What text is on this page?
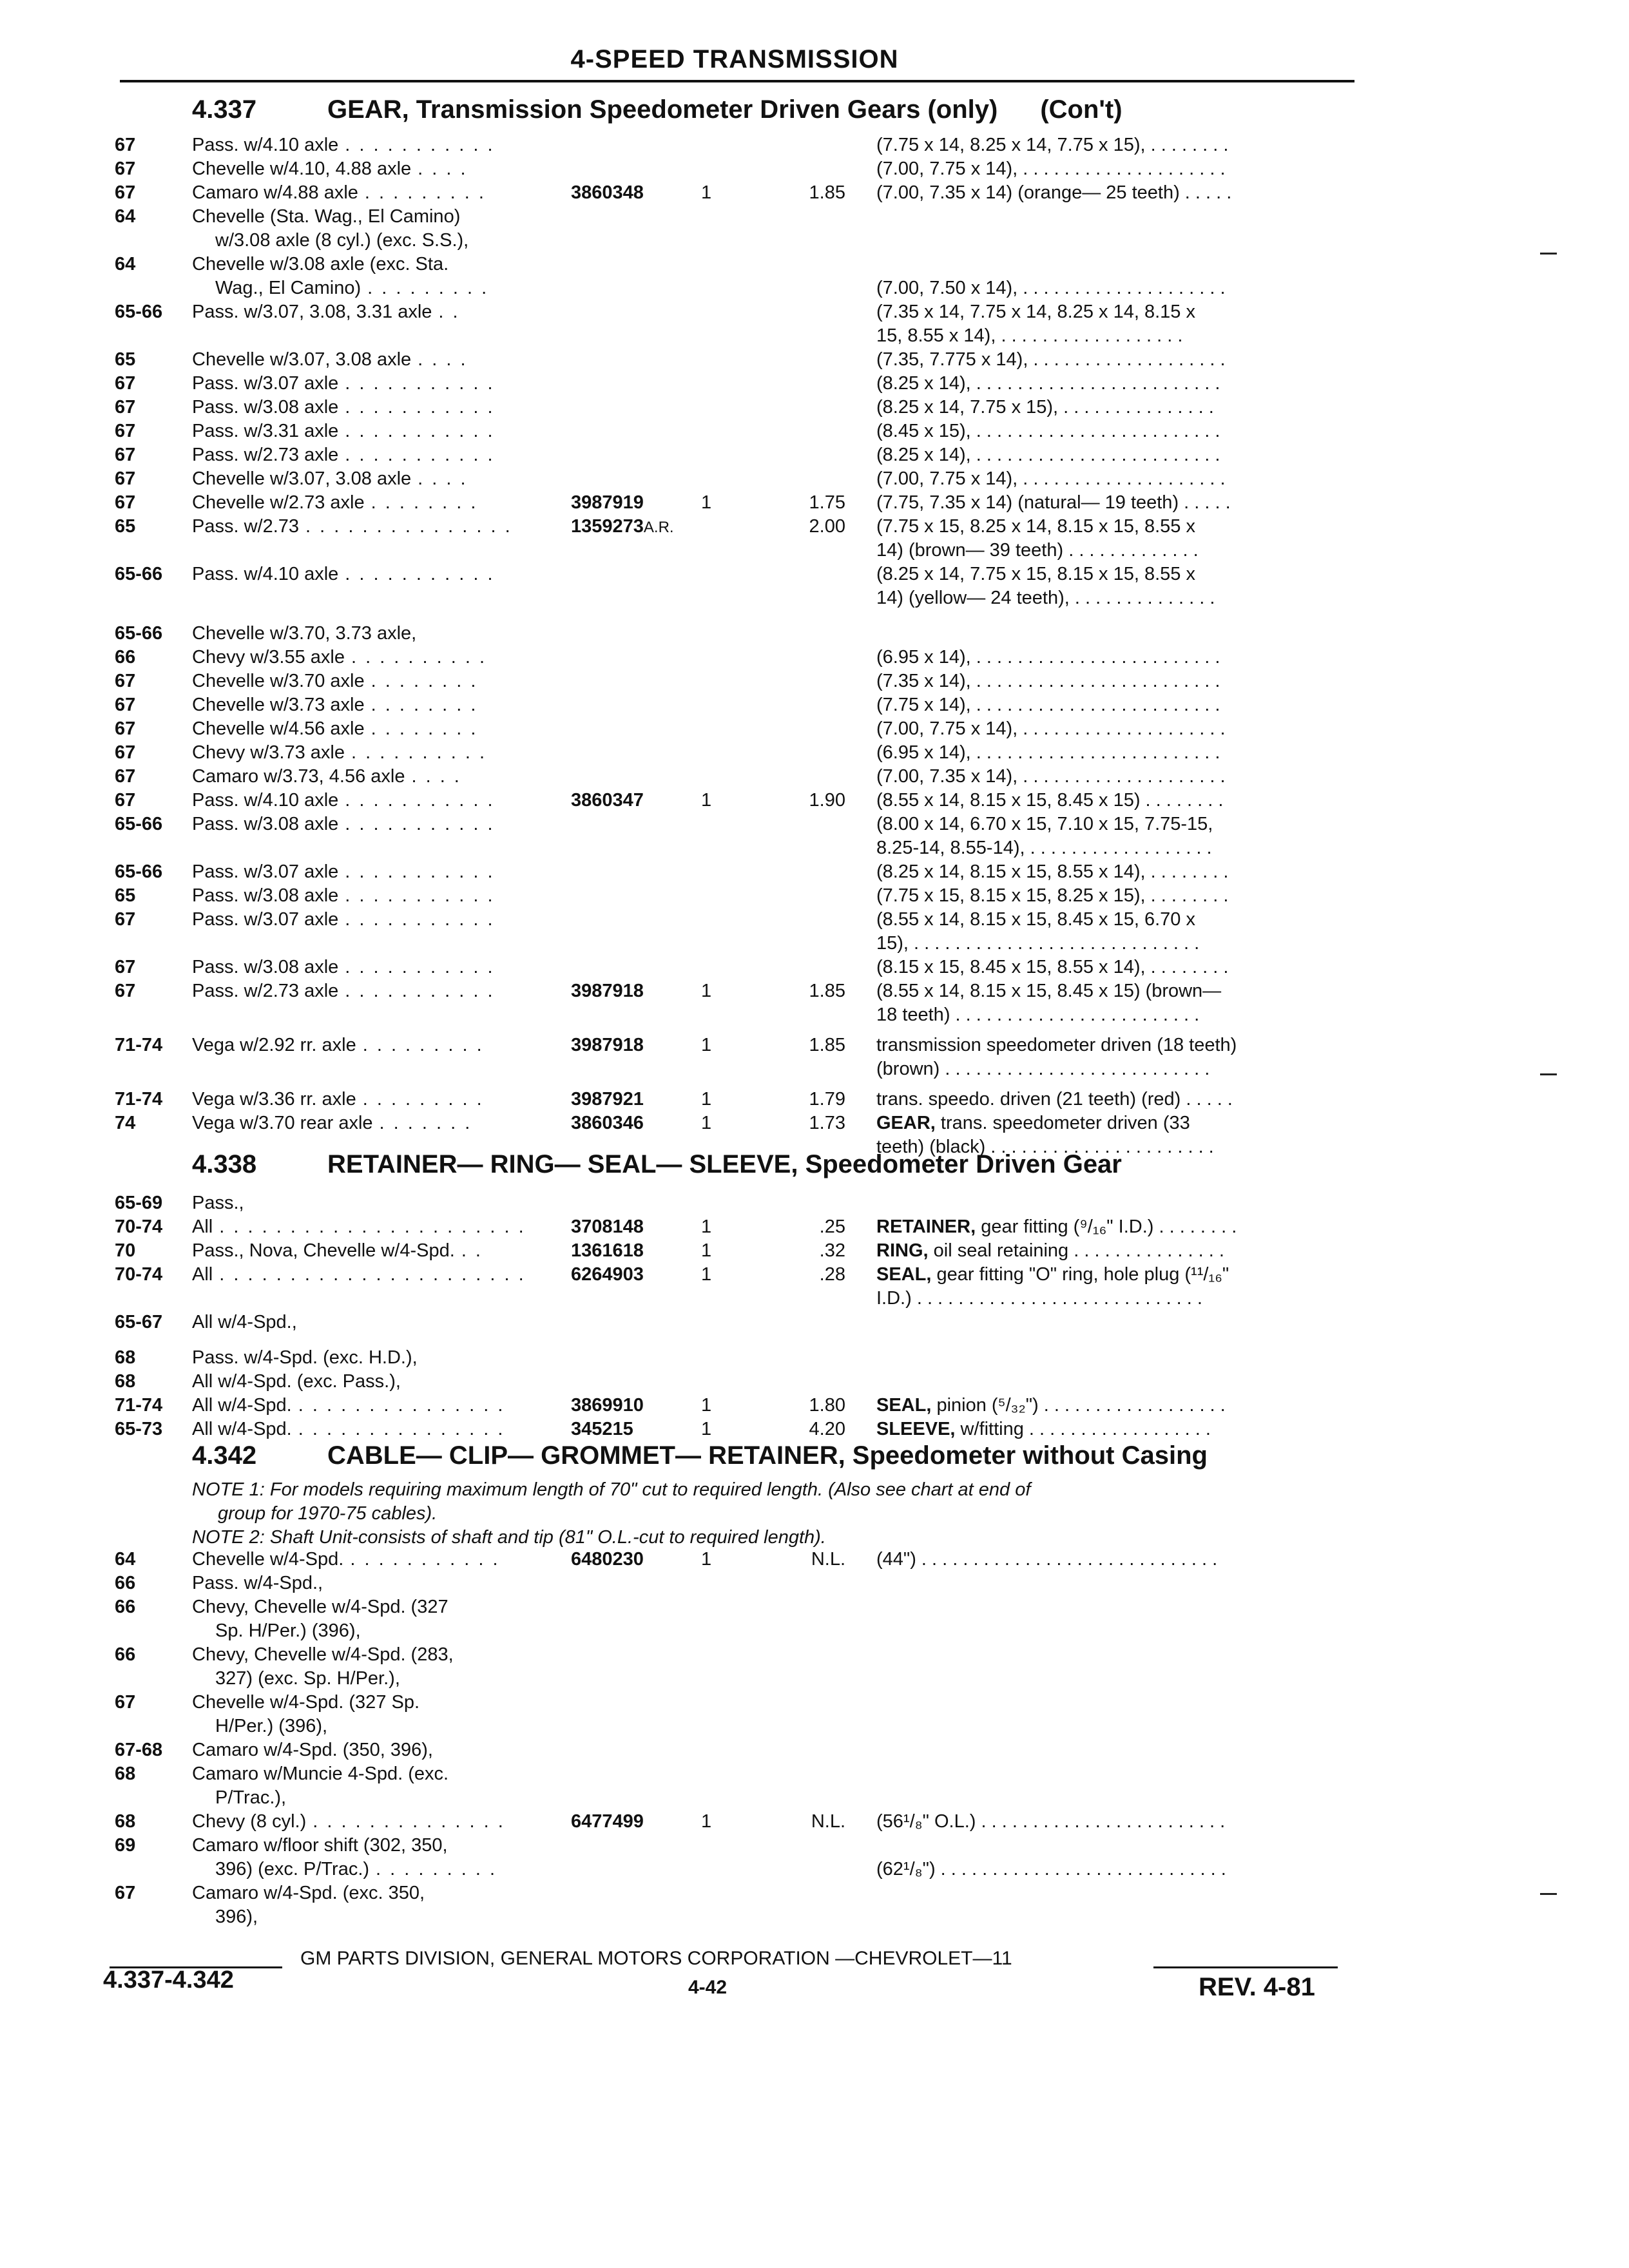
4-SPEED TRANSMISSION
4.337	GEAR, Transmission Speedometer Driven Gears (only) (Con't)
4.338	RETAINER— RING— SEAL— SLEEVE, Speedometer Driven Gear
4.342	CABLE— CLIP— GROMMET— RETAINER, Speedometer without Casing
NOTE 1: For models requiring maximum length of 70" cut to required length. (Also see chart at end of
group for 1970-75 cables).
NOTE 2: Shaft Unit-consists of shaft and tip (81" O.L.-cut to required length).
67	Pass. w/4.10 axle . . . . . . . . . . .	(7.75 x 14, 8.25 x 14, 7.75 x 15), . . . . . . . .
67	Chevelle w/4.10, 4.88 axle . . . .	(7.00, 7.75 x 14), . . . . . . . . . . . . . . . . . . . .
67	Camaro w/4.88 axle . . . . . . . . .	3860348	1	1.85 (7.00, 7.35 x 14) (orange— 25 teeth) . . . . .
64	Chevelle (Sta. Wag., El Camino)
w/3.08 axle (8 cyl.) (exc. S.S.),
64	Chevelle w/3.08 axle (exc. Sta.
Wag., El Camino) . . . . . . . . .	(7.00, 7.50 x 14), . . . . . . . . . . . . . . . . . . . .
65-66 Pass. w/3.07, 3.08, 3.31 axle . .	(7.35 x 14, 7.75 x 14, 8.25 x 14, 8.15 x
15, 8.55 x 14), . . . . . . . . . . . . . . . . . .
65	Chevelle w/3.07, 3.08 axle . . . .	(7.35, 7.775 x 14), . . . . . . . . . . . . . . . . . . .
67	Pass. w/3.07 axle . . . . . . . . . . .	(8.25 x 14), . . . . . . . . . . . . . . . . . . . . . . . .
67	Pass. w/3.08 axle . . . . . . . . . . .	(8.25 x 14, 7.75 x 15), . . . . . . . . . . . . . . .
67	Pass. w/3.31 axle . . . . . . . . . . .	(8.45 x 15), . . . . . . . . . . . . . . . . . . . . . . . .
67	Pass. w/2.73 axle . . . . . . . . . . .	(8.25 x 14), . . . . . . . . . . . . . . . . . . . . . . . .
67	Chevelle w/3.07, 3.08 axle . . . .	(7.00, 7.75 x 14), . . . . . . . . . . . . . . . . . . . .
67	Chevelle w/2.73 axle . . . . . . . .	3987919	1	1.75 (7.75, 7.35 x 14) (natural— 19 teeth) . . . . .
65	Pass. w/2.73 . . . . . . . . . . . . . . .	1359273A.R.	2.00 (7.75 x 15, 8.25 x 14, 8.15 x 15, 8.55 x
14) (brown— 39 teeth) . . . . . . . . . . . . .
65-66 Pass. w/4.10 axle . . . . . . . . . . .	(8.25 x 14, 7.75 x 15, 8.15 x 15, 8.55 x
14) (yellow— 24 teeth), . . . . . . . . . . . . . .
65-66 Chevelle w/3.70, 3.73 axle,
66	Chevy w/3.55 axle . . . . . . . . . .	(6.95 x 14), . . . . . . . . . . . . . . . . . . . . . . . .
67	Chevelle w/3.70 axle . . . . . . . .	(7.35 x 14), . . . . . . . . . . . . . . . . . . . . . . . .
67	Chevelle w/3.73 axle . . . . . . . .	(7.75 x 14), . . . . . . . . . . . . . . . . . . . . . . . .
67	Chevelle w/4.56 axle . . . . . . . .	(7.00, 7.75 x 14), . . . . . . . . . . . . . . . . . . . .
67	Chevy w/3.73 axle . . . . . . . . . .	(6.95 x 14), . . . . . . . . . . . . . . . . . . . . . . . .
67	Camaro w/3.73, 4.56 axle . . . .	(7.00, 7.35 x 14), . . . . . . . . . . . . . . . . . . . .
67	Pass. w/4.10 axle . . . . . . . . . . .	3860347	1	1.90 (8.55 x 14, 8.15 x 15, 8.45 x 15) . . . . . . . .
65-66 Pass. w/3.08 axle . . . . . . . . . . .	(8.00 x 14, 6.70 x 15, 7.10 x 15, 7.75-15,
8.25-14, 8.55-14), . . . . . . . . . . . . . . . . . .
65-66 Pass. w/3.07 axle . . . . . . . . . . .	(8.25 x 14, 8.15 x 15, 8.55 x 14), . . . . . . . .
65	Pass. w/3.08 axle . . . . . . . . . . .	(7.75 x 15, 8.15 x 15, 8.25 x 15), . . . . . . . .
67	Pass. w/3.07 axle . . . . . . . . . . .	(8.55 x 14, 8.15 x 15, 8.45 x 15, 6.70 x
15), . . . . . . . . . . . . . . . . . . . . . . . . . . . .
67	Pass. w/3.08 axle . . . . . . . . . . .	(8.15 x 15, 8.45 x 15, 8.55 x 14), . . . . . . . .
67	Pass. w/2.73 axle . . . . . . . . . . .	3987918	1	1.85 (8.55 x 14, 8.15 x 15, 8.45 x 15) (brown—
18 teeth) . . . . . . . . . . . . . . . . . . . . . . . .
71-74 Vega w/2.92 rr. axle . . . . . . . . .	3987918	1	1.85 transmission speedometer driven (18 teeth)
(brown) . . . . . . . . . . . . . . . . . . . . . . . . . .
71-74 Vega w/3.36 rr. axle . . . . . . . . .	3987921	1	1.79 trans. speedo. driven (21 teeth) (red) . . . . .
74	Vega w/3.70 rear axle . . . . . . .	3860346	1	1.73 GEAR, trans. speedometer driven (33
teeth) (black) . . . . . . . . . . . . . . . . . . . . . .
65-69 Pass.,
70-74 All . . . . . . . . . . . . . . . . . . . . . . 3708148	1	.25 RETAINER, gear fitting (⁹/₁₆" I.D.) . . . . . . . .
70	Pass., Nova, Chevelle w/4-Spd. . .	1361618	1	.32 RING, oil seal retaining . . . . . . . . . . . . . . .
70-74 All . . . . . . . . . . . . . . . . . . . . . . 6264903	1	.28 SEAL, gear fitting "O" ring, hole plug (¹¹/₁₆"
I.D.) . . . . . . . . . . . . . . . . . . . . . . . . . . . .
65-67 All w/4-Spd.,
68	Pass. w/4-Spd. (exc. H.D.),
68	All w/4-Spd. (exc. Pass.),
71-74 All w/4-Spd. . . . . . . . . . . . . . . .	3869910	1	1.80 SEAL, pinion (⁵/₃₂") . . . . . . . . . . . . . . . . . .
65-73 All w/4-Spd. . . . . . . . . . . . . . . .	345215	1	4.20 SLEEVE, w/fitting . . . . . . . . . . . . . . . . . .
64	Chevelle w/4-Spd. . . . . . . . . . . .	6480230	1	N.L. (44") . . . . . . . . . . . . . . . . . . . . . . . . . . . . .
66	Pass. w/4-Spd.,
66	Chevy, Chevelle w/4-Spd. (327
Sp. H/Per.) (396),
66	Chevy, Chevelle w/4-Spd. (283,
327) (exc. Sp. H/Per.),
67	Chevelle w/4-Spd. (327 Sp.
H/Per.) (396),
67-68 Camaro w/4-Spd. (350, 396),
68	Camaro w/Muncie 4-Spd. (exc.
P/Trac.),
68	Chevy (8 cyl.) . . . . . . . . . . . . . .	6477499	1	N.L. (56¹/₈" O.L.) . . . . . . . . . . . . . . . . . . . . . . . .
69	Camaro w/floor shift (302, 350,
396) (exc. P/Trac.) . . . . . . . . .	(62¹/₈") . . . . . . . . . . . . . . . . . . . . . . . . . . . .
67	Camaro w/4-Spd. (exc. 350,
396),
GM PARTS DIVISION, GENERAL MOTORS CORPORATION —CHEVROLET—11
4.337-4.342	4-42	REV. 4-81
